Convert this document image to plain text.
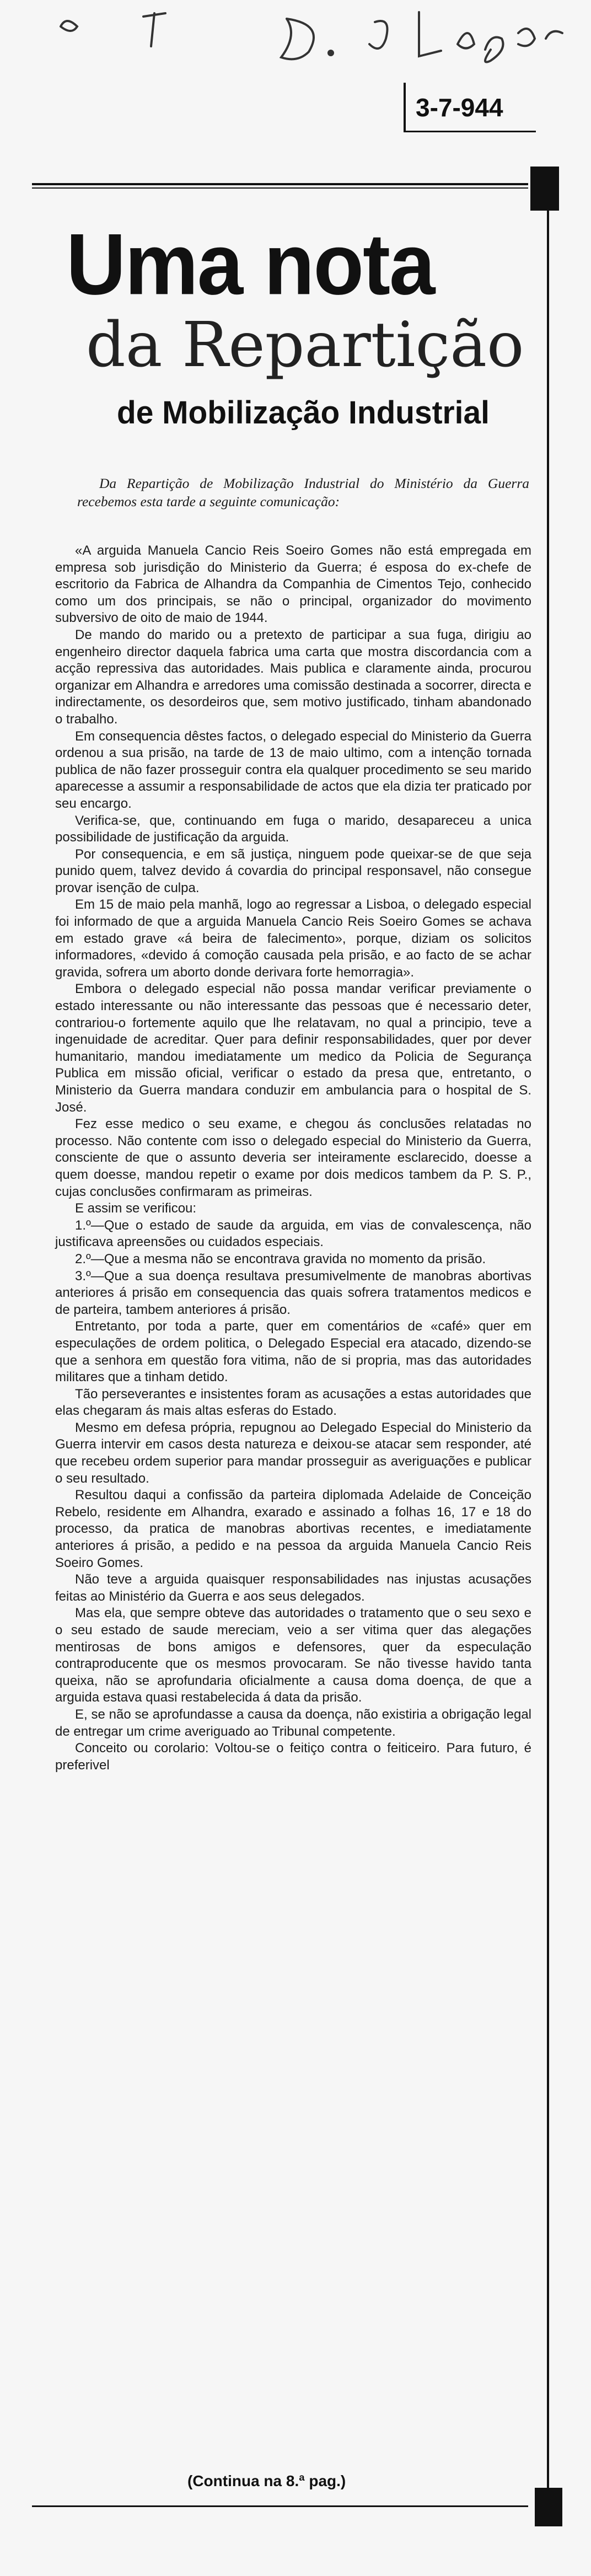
3-7-944
Uma nota
da Repartição
de Mobilização Industrial

Da Repartição de Mobilização Industrial do Ministério da Guerra recebemos esta tarde a seguinte comunicação:

«A arguida Manuela Cancio Reis Soeiro Gomes não está empregada em empresa sob jurisdição do Ministerio da Guerra; é esposa do ex-chefe de escritorio da Fabrica de Alhandra da Companhia de Cimentos Tejo, conhecido como um dos principais, se não o principal, organizador do movimento subversivo de oito de maio de 1944.

De mando do marido ou a pretexto de participar a sua fuga, dirigiu ao engenheiro director daquela fabrica uma carta que mostra discordancia com a acção repressiva das autoridades. Mais publica e claramente ainda, procurou organizar em Alhandra e arredores uma comissão destinada a socorrer, directa e indirectamente, os desordeiros que, sem motivo justificado, tinham abandonado o trabalho.

Em consequencia dêstes factos, o delegado especial do Ministerio da Guerra ordenou a sua prisão, na tarde de 13 de maio ultimo, com a intenção tornada publica de não fazer prosseguir contra ela qualquer procedimento se seu marido aparecesse a assumir a responsabilidade de actos que ela dizia ter praticado por seu encargo.

Verifica-se, que, continuando em fuga o marido, desapareceu a unica possibilidade de justificação da arguida.

Por consequencia, e em sã justiça, ninguem pode queixar-se de que seja punido quem, talvez devido á covardia do principal responsavel, não consegue provar isenção de culpa.

Em 15 de maio pela manhã, logo ao regressar a Lisboa, o delegado especial foi informado de que a arguida Manuela Cancio Reis Soeiro Gomes se achava em estado grave «á beira de falecimento», porque, diziam os solicitos informadores, «devido á comoção causada pela prisão, e ao facto de se achar gravida, sofrera um aborto donde derivara forte hemorragia».

Embora o delegado especial não possa mandar verificar previamente o estado interessante ou não interessante das pessoas que é necessario deter, contrariou-o fortemente aquilo que lhe relatavam, no qual a principio, teve a ingenuidade de acreditar. Quer para definir responsabilidades, quer por dever humanitario, mandou imediatamente um medico da Policia de Segurança Publica em missão oficial, verificar o estado da presa que, entretanto, o Ministerio da Guerra mandara conduzir em ambulancia para o hospital de S. José.

Fez esse medico o seu exame, e chegou ás conclusões relatadas no processo. Não contente com isso o delegado especial do Ministerio da Guerra, consciente de que o assunto deveria ser inteiramente esclarecido, doesse a quem doesse, mandou repetir o exame por dois medicos tambem da P. S. P., cujas conclusões confirmaram as primeiras.

E assim se verificou:

1.º—Que o estado de saude da arguida, em vias de convalescença, não justificava apreensões ou cuidados especiais.

2.º—Que a mesma não se encontrava gravida no momento da prisão.

3.º—Que a sua doença resultava presumivelmente de manobras abortivas anteriores á prisão em consequencia das quais sofrera tratamentos medicos e de parteira, tambem anteriores á prisão.

Entretanto, por toda a parte, quer em comentários de «café» quer em especulações de ordem politica, o Delegado Especial era atacado, dizendo-se que a senhora em questão fora vitima, não de si propria, mas das autoridades militares que a tinham detido.

Tão perseverantes e insistentes foram as acusações a estas autoridades que elas chegaram ás mais altas esferas do Estado.

Mesmo em defesa própria, repugnou ao Delegado Especial do Ministerio da Guerra intervir em casos desta natureza e deixou-se atacar sem responder, até que recebeu ordem superior para mandar prosseguir as averiguações e publicar o seu resultado.

Resultou daqui a confissão da parteira diplomada Adelaide de Conceição Rebelo, residente em Alhandra, exarado e assinado a folhas 16, 17 e 18 do processo, da pratica de manobras abortivas recentes, e imediatamente anteriores á prisão, a pedido e na pessoa da arguida Manuela Cancio Reis Soeiro Gomes.

Não teve a arguida quaisquer responsabilidades nas injustas acusações feitas ao Ministério da Guerra e aos seus delegados.

Mas ela, que sempre obteve das autoridades o tratamento que o seu sexo e o seu estado de saude mereciam, veio a ser vitima quer das alegações mentirosas de bons amigos e defensores, quer da especulação contraproducente que os mesmos provocaram. Se não tivesse havido tanta queixa, não se aprofundaria oficialmente a causa doma doença, de que a arguida estava quasi restabelecida á data da prisão.

E, se não se aprofundasse a causa da doença, não existiria a obrigação legal de entregar um crime averiguado ao Tribunal competente.

Conceito ou corolario: Voltou-se o feitiço contra o feiticeiro. Para futuro, é preferivel

(Continua na 8.ª pag.)
